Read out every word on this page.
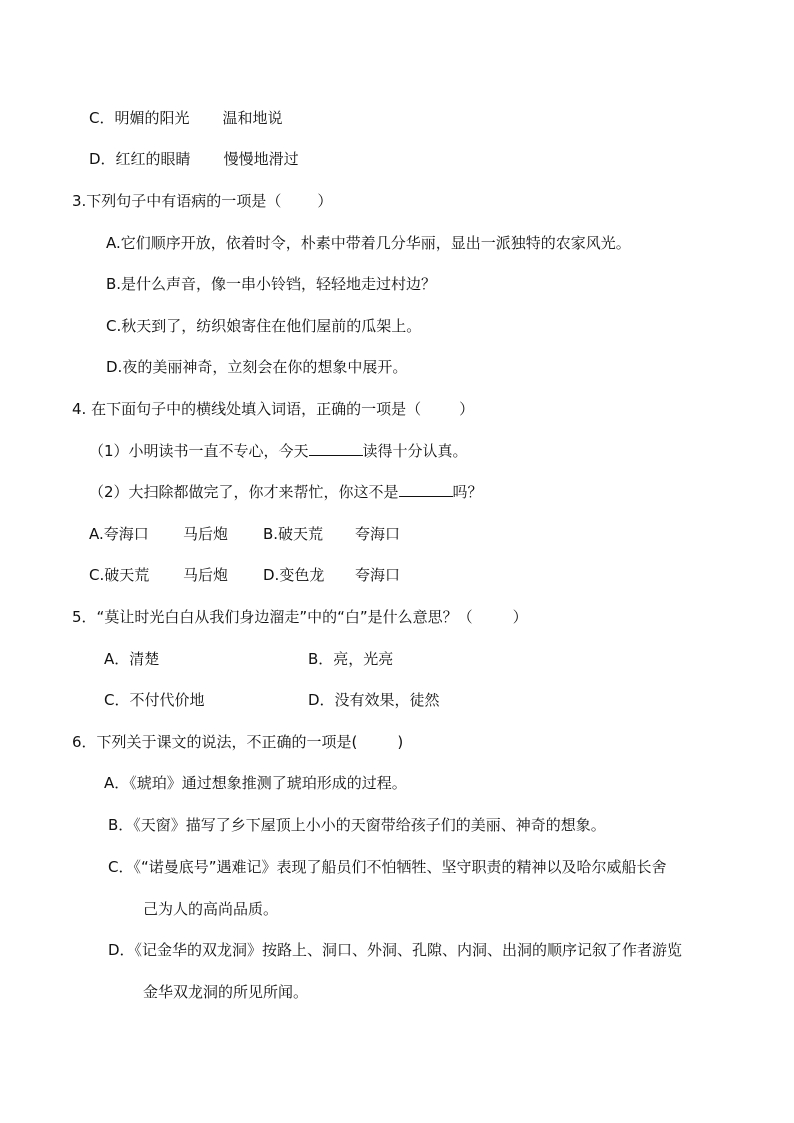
C．明媚的阳光 温和地说
D．红红的眼睛 慢慢地滑过
3.下列句子中有语病的一项是（ ）
A.它们顺序开放，依着时令，朴素中带着几分华丽，显出一派独特的农家风光。
B.是什么声音，像一串小铃铛，轻轻地走过村边？
C.秋天到了，纺织娘寄住在他们屋前的瓜架上。
D.夜的美丽神奇，立刻会在你的想象中展开。
4. 在下面句子中的横线处填入词语，正确的一项是（	）
（1）小明读书一直不专心，今天	读得十分认真。
（2）大扫除都做完了，你才来帮忙，你这不是	吗？
A.夸海口 马后炮 B.破天荒 夸海口
C.破天荒 马后炮 D.变色龙 夸海口
5．“莫让时光白白从我们身边溜走”中的“白”是什么意思？（	）
A．清楚	B．亮，光亮
C．不付代价地	D．没有效果，徒然
6．下列关于课文的说法，不正确的一项是(	)
A．《琥珀》通过想象推测了琥珀形成的过程。
B．《天窗》描写了乡下屋顶上小小的天窗带给孩子们的美丽、神奇的想象。
C．《“诺曼底号”遇难记》表现了船员们不怕牺牲、坚守职责的精神以及哈尔威船长舍
己为人的高尚品质。
D．《记金华的双龙洞》按路上、洞口、外洞、孔隙、内洞、出洞的顺序记叙了作者游览
金华双龙洞的所见所闻。
